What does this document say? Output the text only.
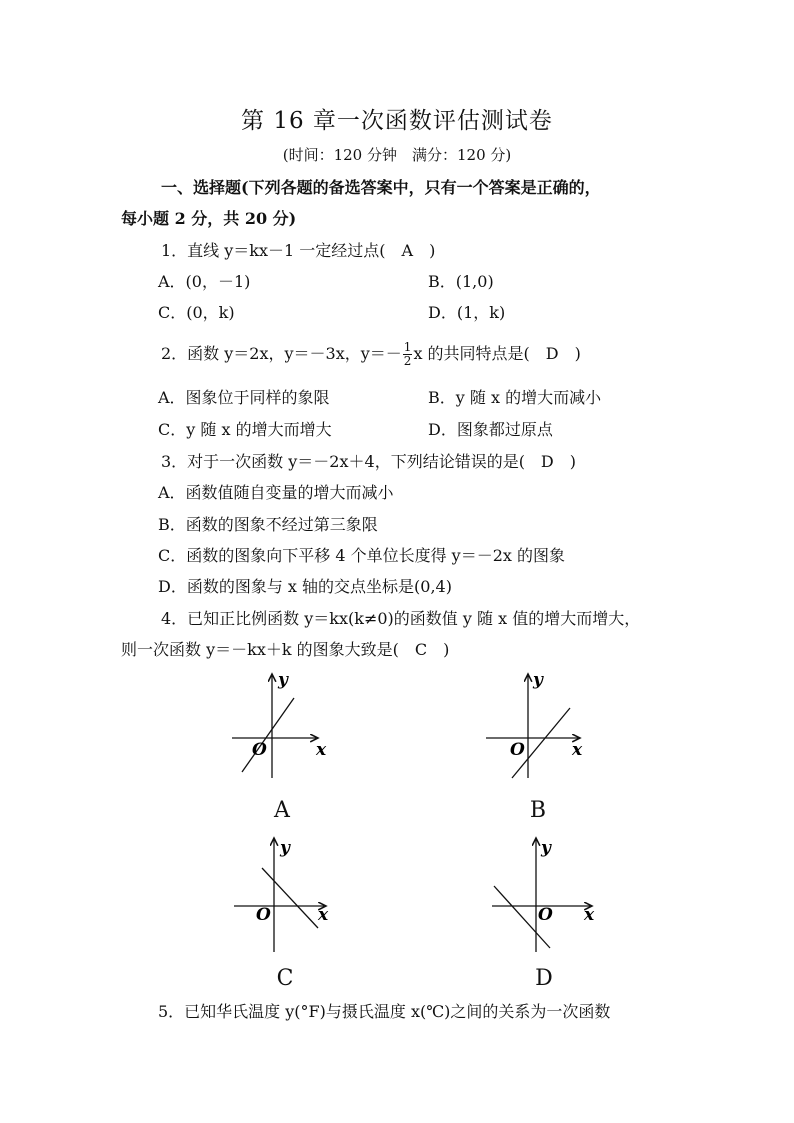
第 16 章一次函数评估测试卷
(时间：120 分钟　满分：120 分)
一、选择题(下列各题的备选答案中，只有一个答案是正确的，
每小题 2 分，共 20 分)
1．直线 y＝kx－1 一定经过点(　A　)
A．(0，－1)	B．(1,0)
C．(0，k)	D．(1，k)
2．函数 y＝2x，y＝－3x，$y=- \frac{1}{2}$ x 的共同特点是(　D　)
A．图象位于同样的象限	B．y 随 x 的增大而减小
C．y 随 x 的增大而增大	D．图象都过原点
3．对于一次函数 y＝－2x＋4，下列结论错误的是(　D　)
A．函数值随自变量的增大而减小
B．函数的图象不经过第三象限
C．函数的图象向下平移 4 个单位长度得 y＝－2x 的图象
D．函数的图象与 x 轴的交点坐标是(0,4)
4．已知正比例函数 y＝kx(k≠0)的函数值 y 随 x 值的增大而增大，
则一次函数 y＝－kx＋k 的图象大致是(　C　)
O	x
y
A
O	x
y
B
O	x
y
C
O x
y
D
5．已知华氏温度 y(°F)与摄氏温度 x(℃)之间的关系为一次函数
